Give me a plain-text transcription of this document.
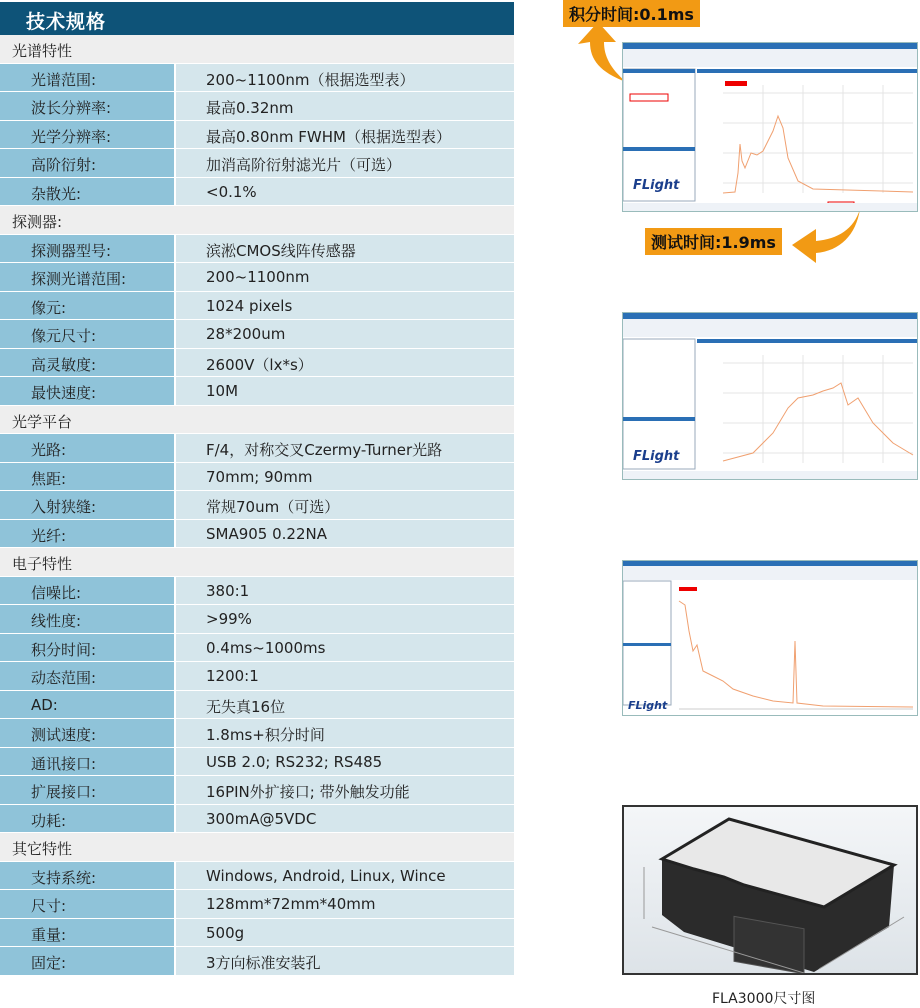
技术规格
光谱特性
光谱范围:	200~1100nm（根据选型表）
波长分辨率:	最高0.32nm
光学分辨率:	最高0.80nm FWHM（根据选型表）
高阶衍射:	加消高阶衍射滤光片（可选）
杂散光:	<0.1%
探测器:
探测器型号:	滨淞CMOS线阵传感器
探测光谱范围:	200~1100nm
像元:	1024 pixels
像元尺寸:	28*200um
高灵敏度:	2600V（lx*s）
最快速度:	10M
光学平台
光路:	F/4，对称交叉Czermy-Turner光路
焦距:	70mm; 90mm
入射狭缝:	常规70um（可选）
光纤:	SMA905 0.22NA
电子特性
信噪比:	380:1
线性度:	>99%
积分时间:	0.4ms~1000ms
动态范围:	1200:1
AD:	无失真16位
测试速度:	1.8ms+积分时间
通讯接口:	USB 2.0; RS232; RS485
扩展接口:	16PIN外扩接口; 带外触发功能
功耗:	300mA@5VDC
其它特性
支持系统:	Windows, Android, Linux, Wince
尺寸:	128mm*72mm*40mm
重量:	500g
固定:	3方向标准安装孔
积分时间:0.1ms
测试时间:1.9ms
FLight
FLight
FLight
FLA3000尺寸图
